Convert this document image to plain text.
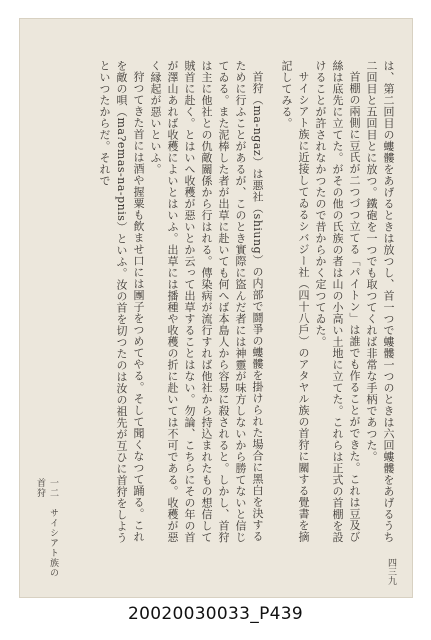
は、第二回目の螻髏をあげるときは放つし、首一つで螻髏一つのときは六回螻髏をあげるうち二回目と五回目とに放つ。鐵砲を一つでも取つてくれば非常な手柄であつた。

首棚の兩側に豆氏が二つづつ立てる「パイトン」は誰でも作ることができた。これは豆及び絲は底先に立てた。がその他の氏族の者は山の小高い土地に立てた。これらは正式の首棚を設けることが許されなかつたので昔からかく定つてゐた。

サイシアト族に近接してゐるシバジー社（四十八戶）のアタヤル族の首狩に關する覺書を摘記してみる。

首狩（ma-ngaz）は悪社（shiung）の内部で鬪爭の螻髏を掛けられた場合に黑白を決するために行ふことがあるが、このとき實際に盜んだ者には神靈が味方しないから勝てないと信じてゐる。また泥棒した者が出草に赴いても何へば本島人から容易に殺されると。しかし、首狩は主に他社との仇敵關係から行はれる。傳染病が流行すれば他社から持込まれたもの想信して賊首に赴く。とはいへ收穫が惡いとか云って出草することはない。勿論、こちらにその年の首が澤山あれば收穫によいとはいふ。出草には播種や收穫の折に赴いては不可である。收穫が惡く縁起が惡いといふ。

狩つてきた首には酒や握粟も飲ませ口には團子をつめてやる。そして聞くなつて踊る。これを敵の唄（ma?emas-na-pnis）といふ。汝の首を切つたのは汝の祖先が互ひに首狩をしようといつたからだ。それで

一二　サイシアト族の首狩
四三九
20020030033_P439
